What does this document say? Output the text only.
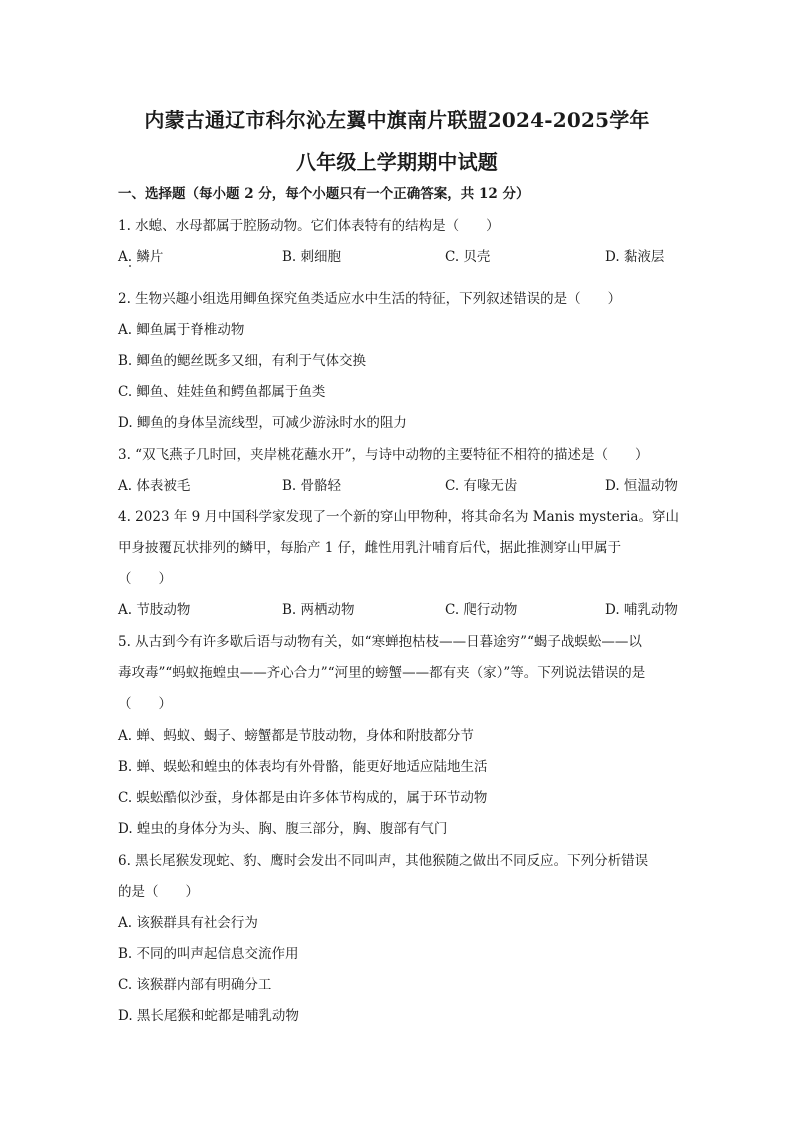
内蒙古通辽市科尔沁左翼中旗南片联盟2024-2025学年
八年级上学期期中试题
一、选择题（每小题 2 分，每个小题只有一个正确答案，共 12 分）
1. 水螅、水母都属于腔肠动物。它们体表特有的结构是（　　）
A. 鳞片	B. 刺细胞	C. 贝壳	D. 黏液层
2. 生物兴趣小组选用鲫鱼探究鱼类适应水中生活的特征，下列叙述错误的是（　　）
A. 鲫鱼属于脊椎动物
B. 鲫鱼的鳃丝既多又细，有利于气体交换
C. 鲫鱼、娃娃鱼和鳄鱼都属于鱼类
D. 鲫鱼的身体呈流线型，可减少游泳时水的阻力
3. “双飞燕子几时回，夹岸桃花蘸水开”，与诗中动物的主要特征不相符的描述是（　　）
A. 体表被毛	B. 骨骼轻	C. 有喙无齿	D. 恒温动物
4. 2023 年 9 月中国科学家发现了一个新的穿山甲物种，将其命名为 Manis mysteria。穿山
甲身披覆瓦状排列的鳞甲，每胎产 1 仔，雌性用乳汁哺育后代，据此推测穿山甲属于
（　　）
A. 节肢动物	B. 两栖动物	C. 爬行动物	D. 哺乳动物
5. 从古到今有许多歇后语与动物有关，如“寒蝉抱枯枝——日暮途穷”“蝎子战蜈蚣——以
毒攻毒”“蚂蚁拖蝗虫——齐心合力”“河里的螃蟹——都有夹（家）”等。下列说法错误的是
（　　）
A. 蝉、蚂蚁、蝎子、螃蟹都是节肢动物，身体和附肢都分节
B. 蝉、蜈蚣和蝗虫的体表均有外骨骼，能更好地适应陆地生活
C. 蜈蚣酷似沙蚕，身体都是由许多体节构成的，属于环节动物
D. 蝗虫的身体分为头、胸、腹三部分，胸、腹部有气门
6. 黑长尾猴发现蛇、豹、鹰时会发出不同叫声，其他猴随之做出不同反应。下列分析错误
的是（　　）
A. 该猴群具有社会行为
B. 不同的叫声起信息交流作用
C. 该猴群内部有明确分工
D. 黑长尾猴和蛇都是哺乳动物
